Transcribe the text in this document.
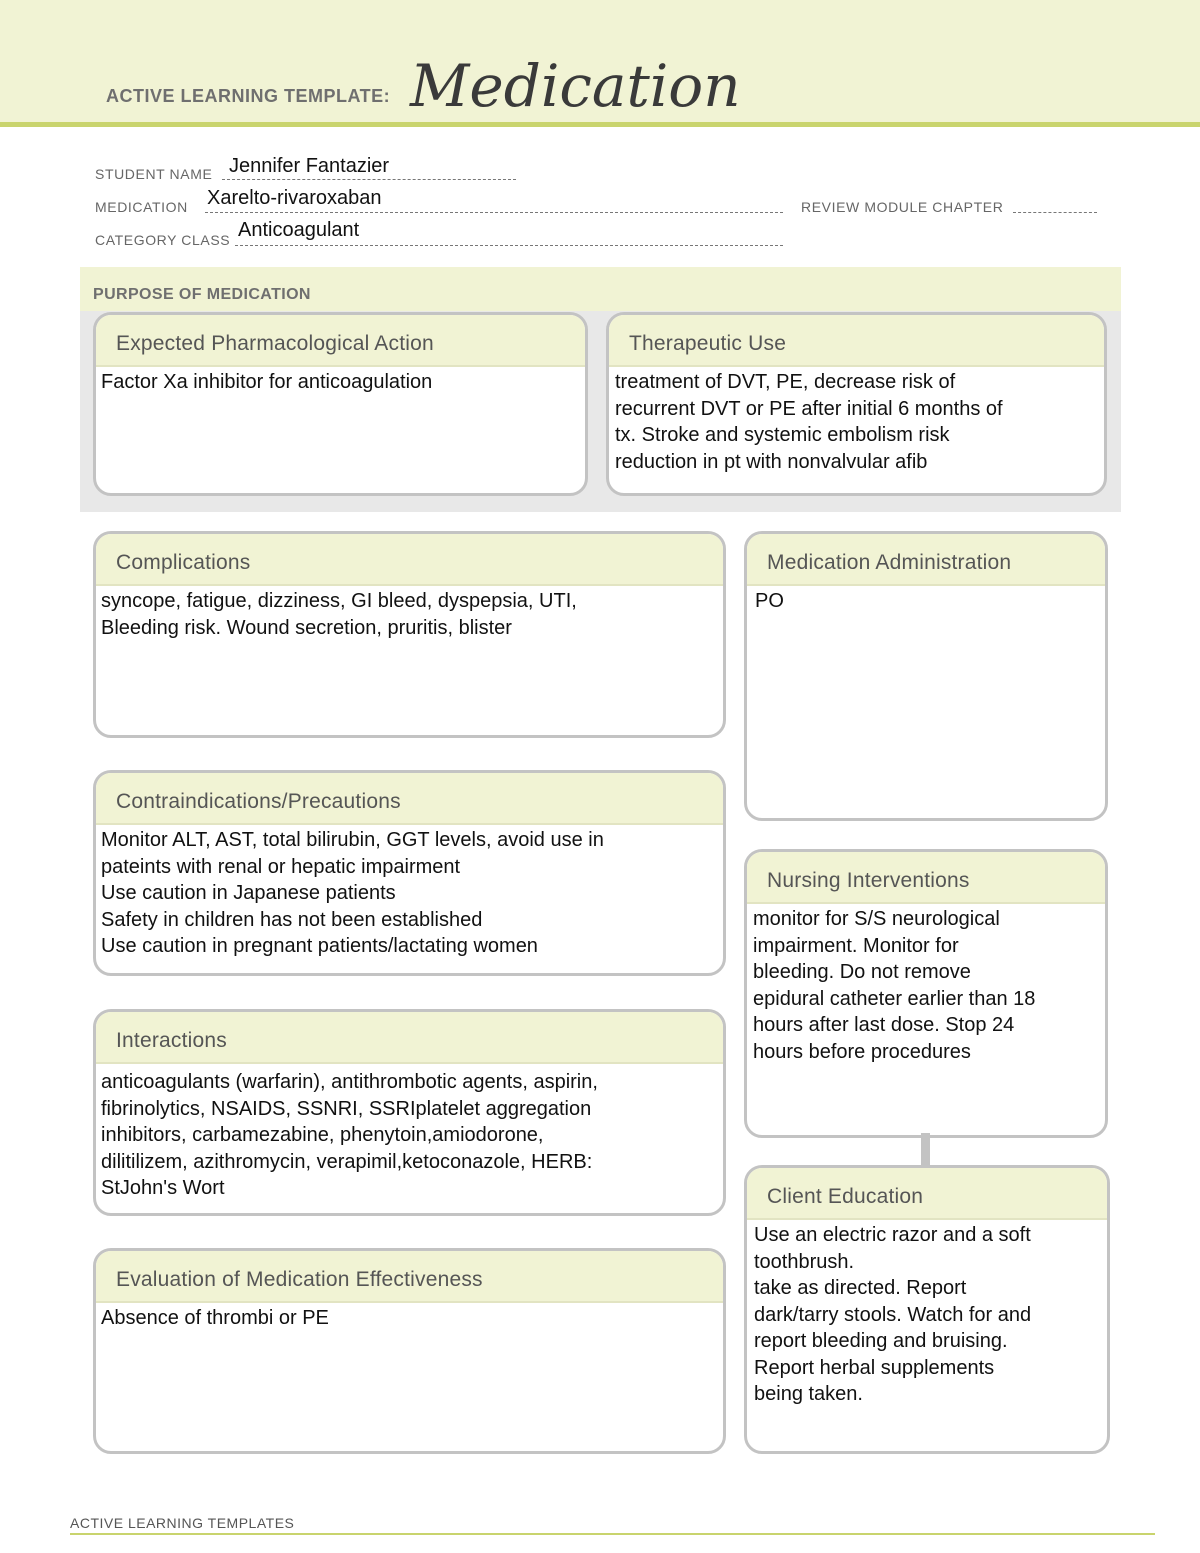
ACTIVE LEARNING TEMPLATE: Medication
STUDENT NAME Jennifer Fantazier
MEDICATION Xarelto-rivaroxaban	REVIEW MODULE CHAPTER
CATEGORY CLASS Anticoagulant
PURPOSE OF MEDICATION
Expected Pharmacological Action
Factor Xa inhibitor for anticoagulation
Therapeutic Use
treatment of DVT, PE, decrease risk of
recurrent DVT or PE after initial 6 months of
tx. Stroke and systemic embolism risk
reduction in pt with nonvalvular afib
Complications
syncope, fatigue, dizziness, GI bleed, dyspepsia, UTI,
Bleeding risk. Wound secretion, pruritis, blister
Medication Administration
PO
Contraindications/Precautions
Monitor ALT, AST, total bilirubin, GGT levels, avoid use in
pateints with renal or hepatic impairment
Use caution in Japanese patients
Safety in children has not been established
Use caution in pregnant patients/lactating women
Nursing Interventions
monitor for S/S neurological
impairment. Monitor for
bleeding. Do not remove
epidural catheter earlier than 18
hours after last dose. Stop 24
hours before procedures
Interactions
anticoagulants (warfarin), antithrombotic agents, aspirin,
fibrinolytics, NSAIDS, SSNRI, SSRIplatelet aggregation
inhibitors, carbamezabine, phenytoin,amiodorone,
dilitilizem, azithromycin, verapimil,ketoconazole, HERB:
StJohn's Wort	Client Education
Use an electric razor and a soft
toothbrush.
take as directed. Report
dark/tarry stools. Watch for and
report bleeding and bruising.
Report herbal supplements
being taken.
Evaluation of Medication Effectiveness
Absence of thrombi or PE
ACTIVE LEARNING TEMPLATES
